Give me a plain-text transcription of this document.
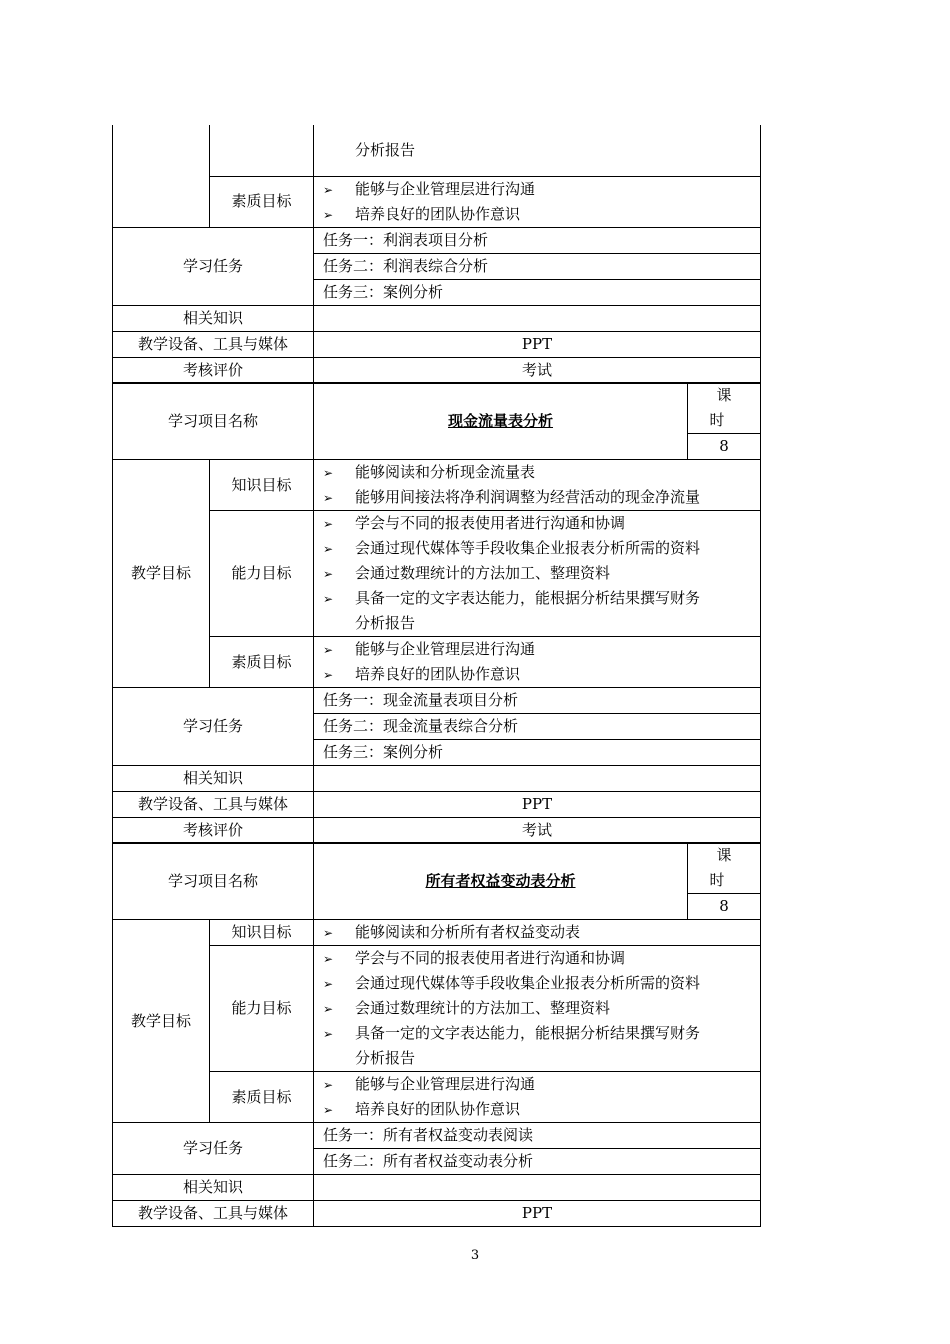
		分析报告

	素质目标	➢ 能够与企业管理层进行沟通
➢ 培养良好的团队协作意识

学习任务		任务一：利润表项目分析
		任务二：利润表综合分析
		任务三：案例分析
相关知识		
教学设备、工具与媒体		PPT
考核评价		考试
学习项目名称		现金流量表分析	课 时
			8
教学目标	知识目标	➢ 能够阅读和分析现金流量表
➢ 能够用间接法将净利润调整为经营活动的现金净流量	

	能力目标	➢ 学会与不同的报表使用者进行沟通和协调
➢ 会通过现代媒体等手段收集企业报表分析所需的资料
➢ 会通过数理统计的方法加工、整理资料
➢ 具备一定的文字表达能力，能根据分析结果撰写财务
分析报告	

	素质目标	➢ 能够与企业管理层进行沟通
➢ 培养良好的团队协作意识	

学习任务		任务一：现金流量表项目分析	
		任务二：现金流量表综合分析	
		任务三：案例分析	
相关知识			
教学设备、工具与媒体		PPT	
考核评价		考试	
学习项目名称		所有者权益变动表分析	课 时
			8
教学目标	知识目标	➢ 能够阅读和分析所有者权益变动表	

	能力目标	➢ 学会与不同的报表使用者进行沟通和协调
➢ 会通过现代媒体等手段收集企业报表分析所需的资料
➢ 会通过数理统计的方法加工、整理资料
➢ 具备一定的文字表达能力，能根据分析结果撰写财务
分析报告	

	素质目标	➢ 能够与企业管理层进行沟通
➢ 培养良好的团队协作意识	

学习任务		任务一：所有者权益变动表阅读	
		任务二：所有者权益变动表分析	
相关知识			
教学设备、工具与媒体		PPT	
3
